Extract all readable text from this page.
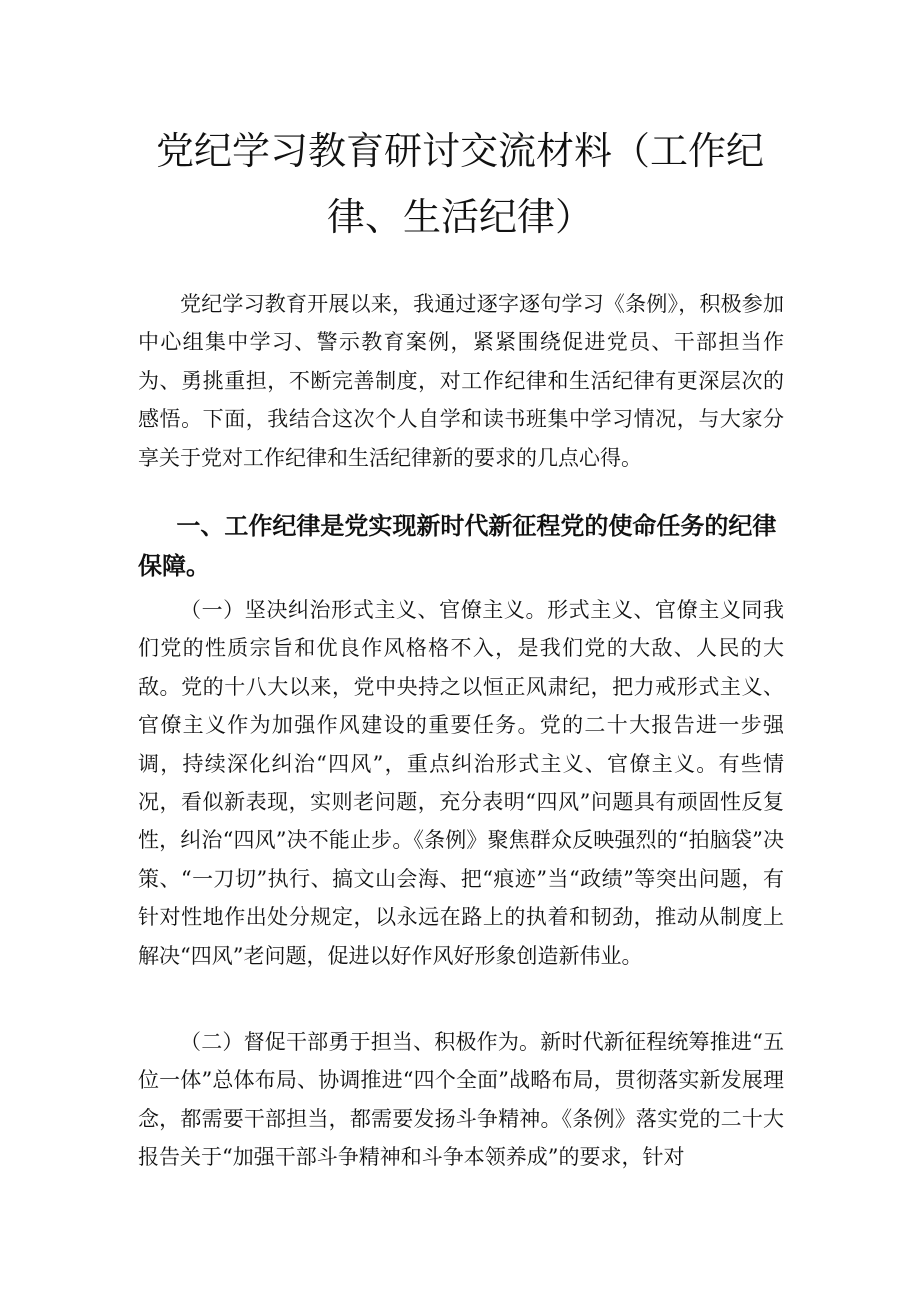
党纪学习教育研讨交流材料（工作纪律、生活纪律）

党纪学习教育开展以来，我通过逐字逐句学习《条例》，积极参加中心组集中学习、警示教育案例，紧紧围绕促进党员、干部担当作为、勇挑重担，不断完善制度，对工作纪律和生活纪律有更深层次的感悟。下面，我结合这次个人自学和读书班集中学习情况，与大家分享关于党对工作纪律和生活纪律新的要求的几点心得。

一、工作纪律是党实现新时代新征程党的使命任务的纪律保障。

（一）坚决纠治形式主义、官僚主义。形式主义、官僚主义同我们党的性质宗旨和优良作风格格不入，是我们党的大敌、人民的大敌。党的十八大以来，党中央持之以恒正风肃纪，把力戒形式主义、官僚主义作为加强作风建设的重要任务。党的二十大报告进一步强调，持续深化纠治“四风”，重点纠治形式主义、官僚主义。有些情况，看似新表现，实则老问题，充分表明“四风”问题具有顽固性反复性，纠治“四风”决不能止步。《条例》聚焦群众反映强烈的“拍脑袋”决策、“一刀切”执行、搞文山会海、把“痕迹”当“政绩”等突出问题，有针对性地作出处分规定，以永远在路上的执着和韧劲，推动从制度上解决“四风”老问题，促进以好作风好形象创造新伟业。

（二）督促干部勇于担当、积极作为。新时代新征程统筹推进“五位一体”总体布局、协调推进“四个全面”战略布局，贯彻落实新发展理念，都需要干部担当，都需要发扬斗争精神。《条例》落实党的二十大报告关于“加强干部斗争精神和斗争本领养成”的要求，针对
